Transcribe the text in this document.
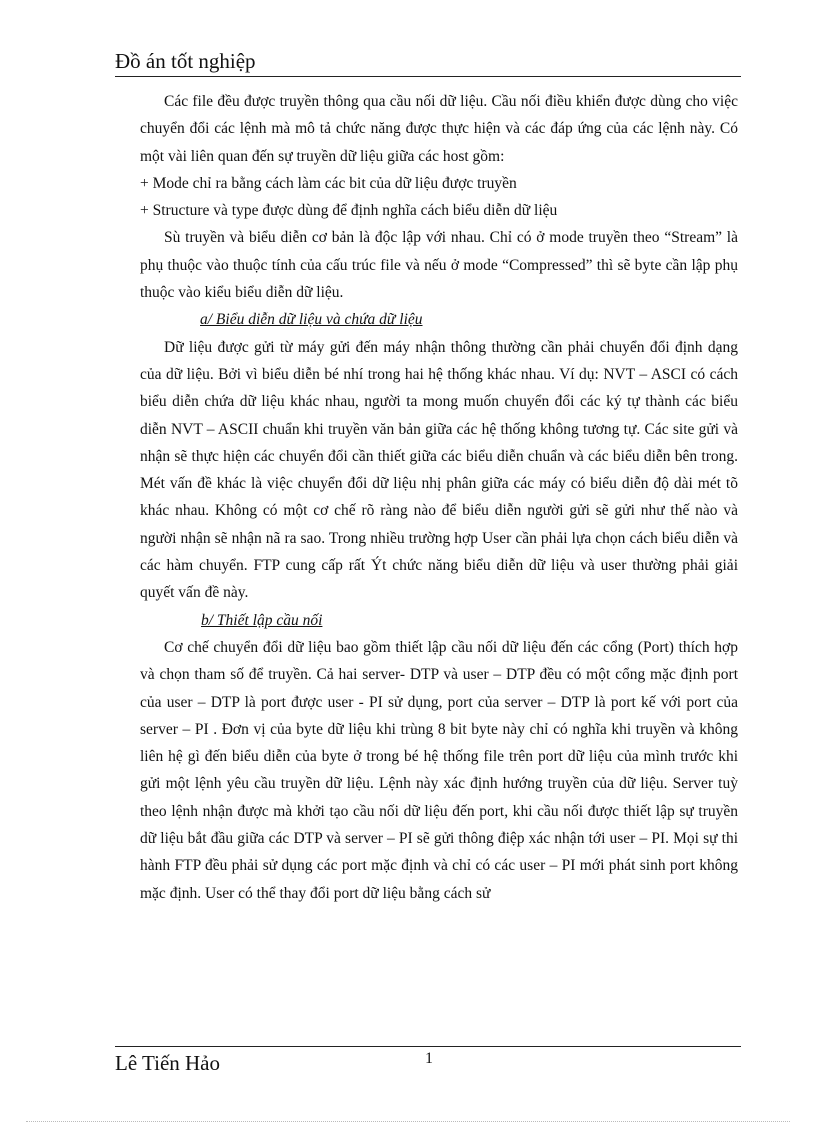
Đồ án tốt nghiệp

Các file đều được truyền thông qua cầu nối dữ liệu. Cầu nối điều khiển được dùng cho việc chuyển đổi các lệnh mà mô tả chức năng được thực hiện và các đáp ứng của các lệnh này. Có một vài liên quan đến sự truyền dữ liệu giữa các host gồm:

+ Mode chỉ ra bằng cách làm các bit của dữ liệu được truyền

+ Structure và type được dùng để định nghĩa cách biểu diễn dữ liệu

Sù truyền và biểu diễn cơ bản là độc lập với nhau. Chỉ có ở mode truyền theo “Stream” là phụ thuộc vào thuộc tính của cấu trúc file và nếu ở mode “Compressed” thì sẽ byte cần lập phụ thuộc vào kiểu biểu diễn dữ liệu.

a/ Biểu diễn dữ liệu và chứa dữ liệu

Dữ liệu được gửi từ máy gửi đến máy nhận thông thường cần phải chuyển đổi định dạng của dữ liệu. Bởi vì biểu diễn bé nhí trong hai hệ thống khác nhau. Ví dụ: NVT – ASCI có cách biểu diễn chứa dữ liệu khác nhau, người ta mong muốn chuyển đổi các ký tự thành các biểu diễn NVT – ASCII chuẩn khi truyền văn bản giữa các hệ thống không tương tự. Các site gửi và nhận sẽ thực hiện các chuyển đổi cần thiết giữa các biểu diễn chuẩn và các biểu diễn bên trong. Mét vấn đề khác là việc chuyển đổi dữ liệu nhị phân giữa các máy có biểu diễn độ dài mét tõ khác nhau. Không có một cơ chế rõ ràng nào để biểu diễn người gửi sẽ gửi như thế nào và người nhận sẽ nhận nã ra sao. Trong nhiều trường hợp User cần phải lựa chọn cách biểu diễn và các hàm chuyển. FTP cung cấp rất Ýt chức năng biểu diễn dữ liệu và user thường phải giải quyết vấn đề này.

b/ Thiết lập cầu nối

Cơ chế chuyển đổi dữ liệu bao gồm thiết lập cầu nối dữ liệu đến các cổng (Port) thích hợp và chọn tham số để truyền. Cả hai server- DTP và user – DTP đều có một cổng mặc định port của user – DTP là port được user - PI sử dụng, port của server – DTP là port kế với port của server – PI . Đơn vị của byte dữ liệu khi trùng 8 bit byte này chỉ có nghĩa khi truyền và không liên hệ gì đến biểu diễn của byte ở trong bé hệ thống file trên port dữ liệu của mình trước khi gửi một lệnh yêu cầu truyền dữ liệu. Lệnh này xác định hướng truyền của dữ liệu. Server tuỳ theo lệnh nhận được mà khởi tạo cầu nối dữ liệu đến port, khi cầu nối được thiết lập sự truyền dữ liệu bắt đầu giữa các DTP và server – PI sẽ gửi thông điệp xác nhận tới user – PI. Mọi sự thi hành FTP đều phải sử dụng các port mặc định và chỉ có các user – PI mới phát sinh port không mặc định. User có thể thay đổi port dữ liệu bằng cách sử

Lê Tiến Hảo	1
